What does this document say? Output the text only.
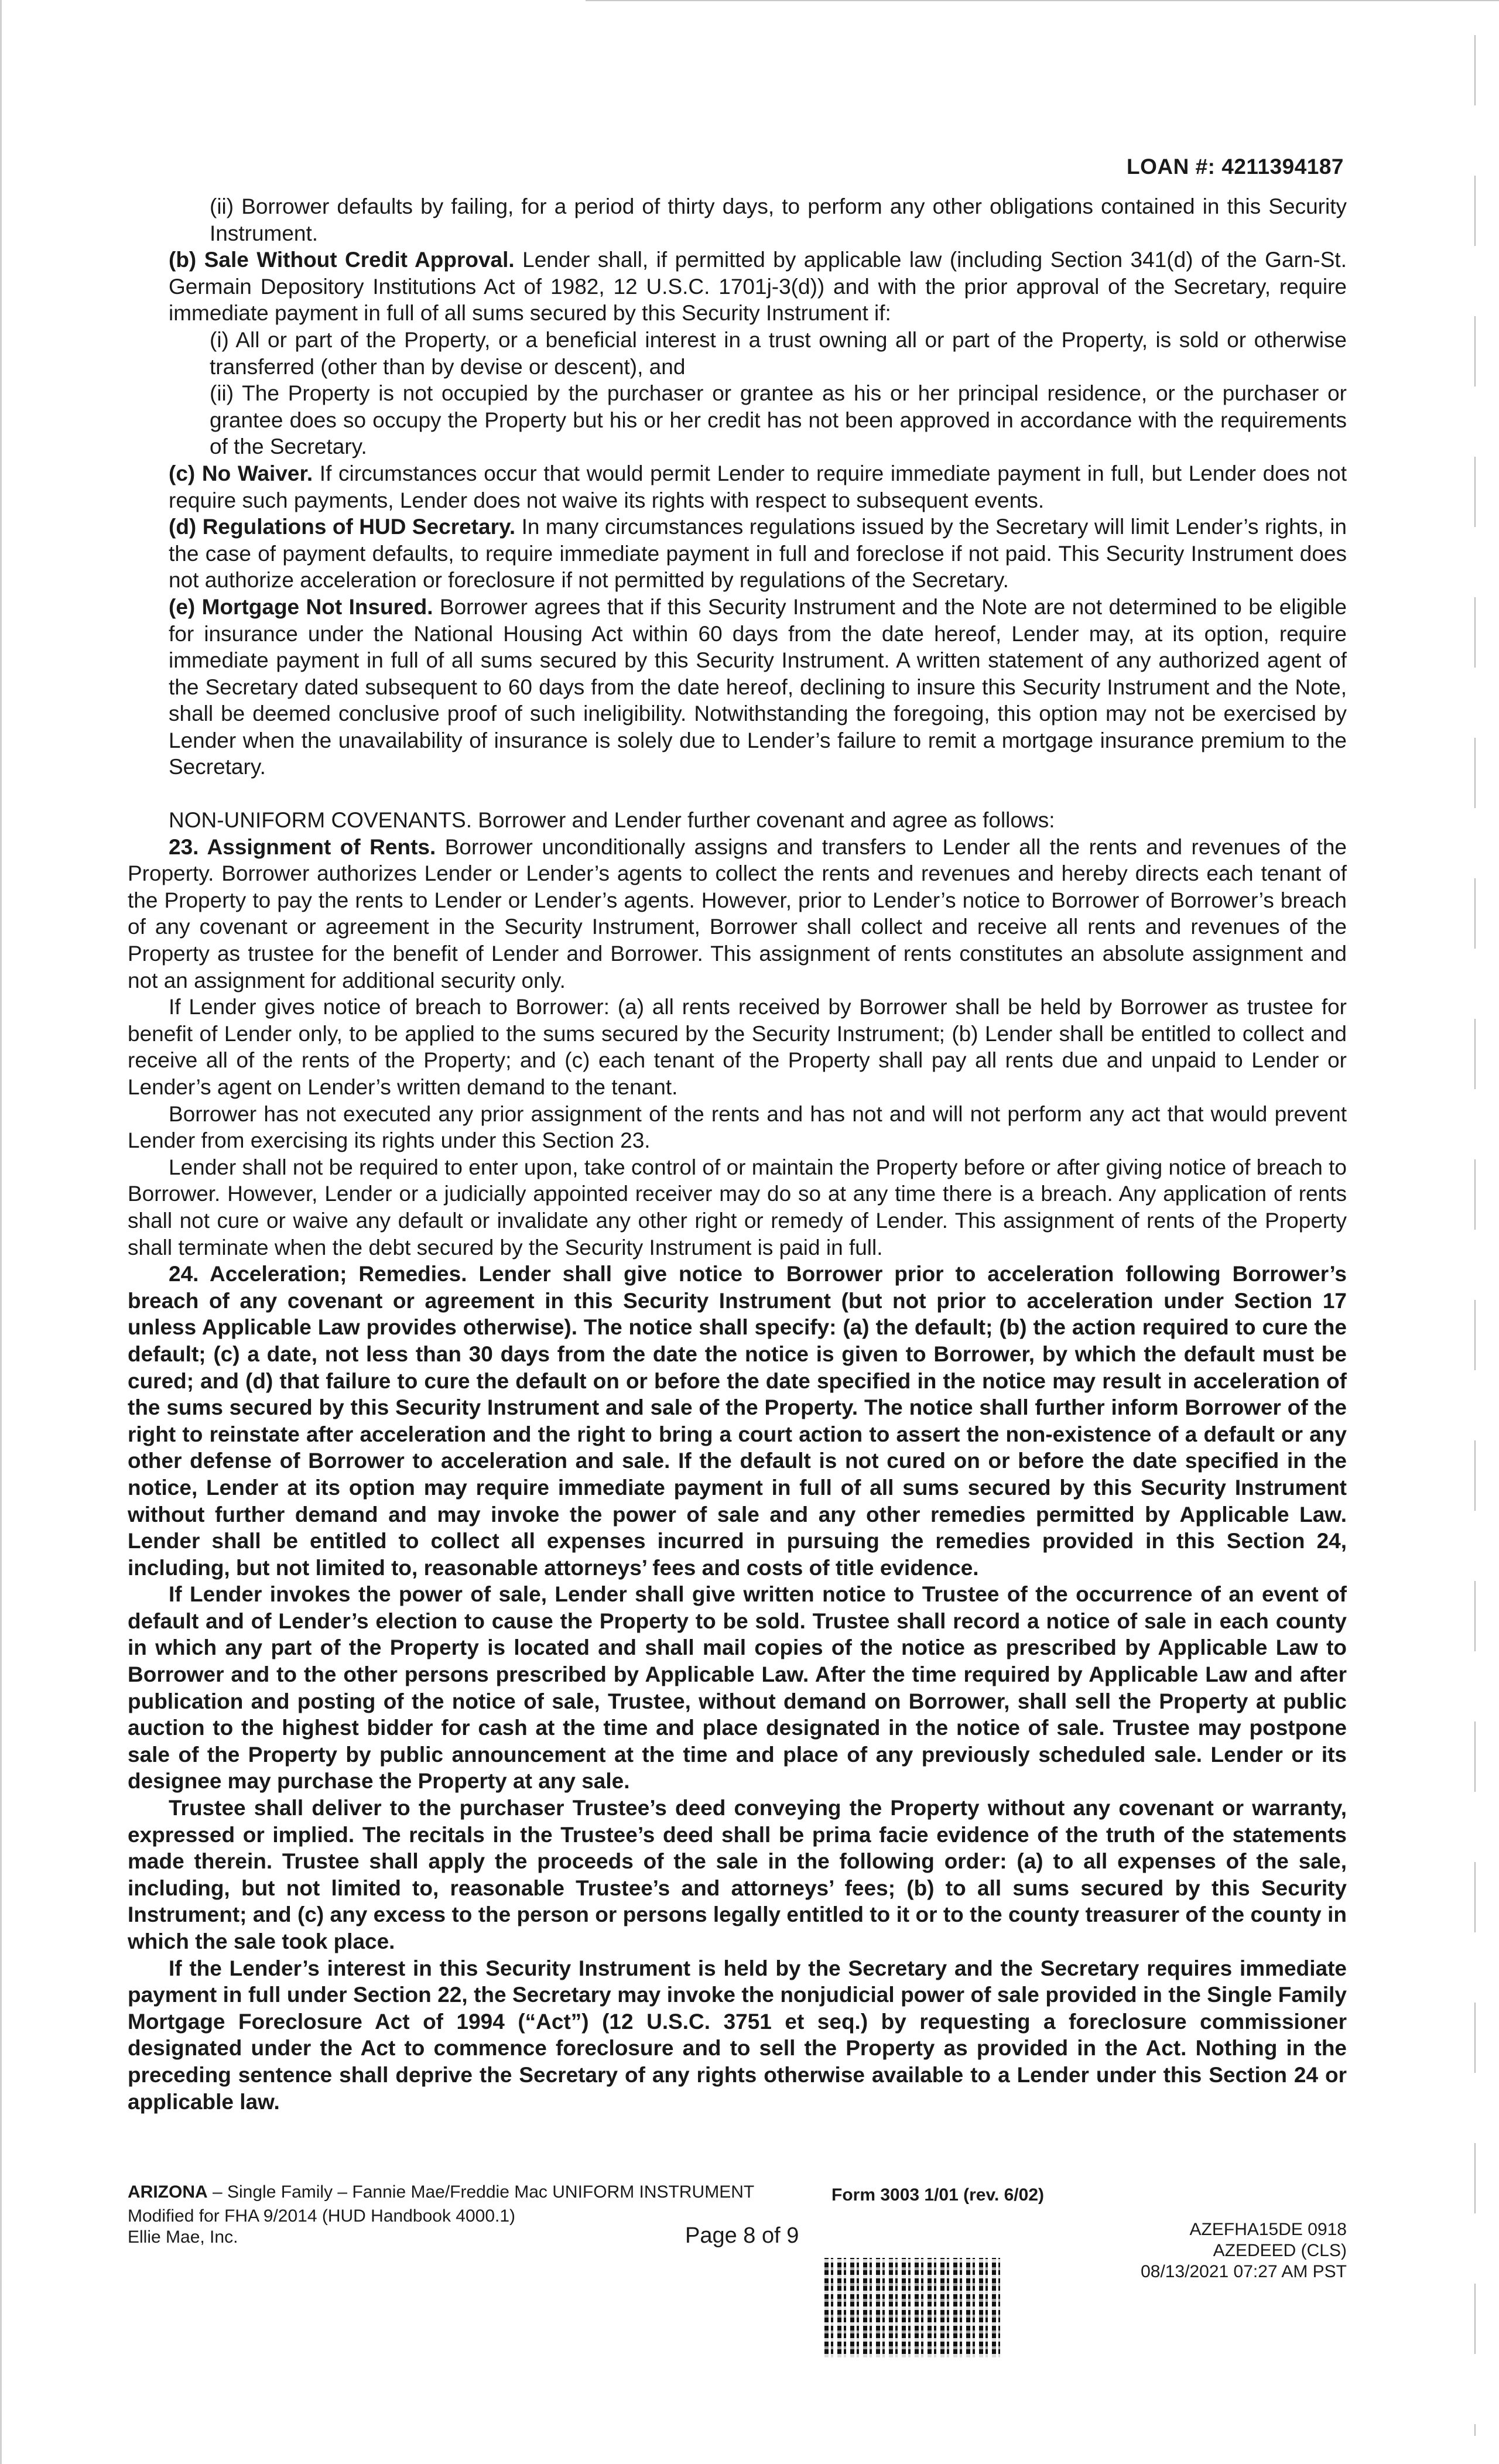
LOAN #: 4211394187

(ii) Borrower defaults by failing, for a period of thirty days, to perform any other obligations contained in this Security Instrument.

(b) Sale Without Credit Approval. Lender shall, if permitted by applicable law (including Section 341(d) of the Garn-St. Germain Depository Institutions Act of 1982, 12 U.S.C. 1701j-3(d)) and with the prior approval of the Secretary, require immediate payment in full of all sums secured by this Security Instrument if:

(i) All or part of the Property, or a beneficial interest in a trust owning all or part of the Property, is sold or otherwise transferred (other than by devise or descent), and

(ii) The Property is not occupied by the purchaser or grantee as his or her principal residence, or the purchaser or grantee does so occupy the Property but his or her credit has not been approved in accordance with the requirements of the Secretary.

(c) No Waiver. If circumstances occur that would permit Lender to require immediate payment in full, but Lender does not require such payments, Lender does not waive its rights with respect to subsequent events.

(d) Regulations of HUD Secretary. In many circumstances regulations issued by the Secretary will limit Lender’s rights, in the case of payment defaults, to require immediate payment in full and foreclose if not paid. This Security Instrument does not authorize acceleration or foreclosure if not permitted by regulations of the Secretary.

(e) Mortgage Not Insured. Borrower agrees that if this Security Instrument and the Note are not determined to be eligible for insurance under the National Housing Act within 60 days from the date hereof, Lender may, at its option, require immediate payment in full of all sums secured by this Security Instrument. A written statement of any authorized agent of the Secretary dated subsequent to 60 days from the date hereof, declining to insure this Security Instrument and the Note, shall be deemed conclusive proof of such ineligibility. Notwithstanding the foregoing, this option may not be exercised by Lender when the unavailability of insurance is solely due to Lender’s failure to remit a mortgage insurance premium to the Secretary.

NON-UNIFORM COVENANTS. Borrower and Lender further covenant and agree as follows:

23. Assignment of Rents. Borrower unconditionally assigns and transfers to Lender all the rents and revenues of the Property. Borrower authorizes Lender or Lender’s agents to collect the rents and revenues and hereby directs each tenant of the Property to pay the rents to Lender or Lender’s agents. However, prior to Lender’s notice to Borrower of Borrower’s breach of any covenant or agreement in the Security Instrument, Borrower shall collect and receive all rents and revenues of the Property as trustee for the benefit of Lender and Borrower. This assignment of rents constitutes an absolute assignment and not an assignment for additional security only.

If Lender gives notice of breach to Borrower: (a) all rents received by Borrower shall be held by Borrower as trustee for benefit of Lender only, to be applied to the sums secured by the Security Instrument; (b) Lender shall be entitled to collect and receive all of the rents of the Property; and (c) each tenant of the Property shall pay all rents due and unpaid to Lender or Lender’s agent on Lender’s written demand to the tenant.

Borrower has not executed any prior assignment of the rents and has not and will not perform any act that would prevent Lender from exercising its rights under this Section 23.

Lender shall not be required to enter upon, take control of or maintain the Property before or after giving notice of breach to Borrower. However, Lender or a judicially appointed receiver may do so at any time there is a breach. Any application of rents shall not cure or waive any default or invalidate any other right or remedy of Lender. This assignment of rents of the Property shall terminate when the debt secured by the Security Instrument is paid in full.

24. Acceleration; Remedies. Lender shall give notice to Borrower prior to acceleration following Borrower’s breach of any covenant or agreement in this Security Instrument (but not prior to acceleration under Section 17 unless Applicable Law provides otherwise). The notice shall specify: (a) the default; (b) the action required to cure the default; (c) a date, not less than 30 days from the date the notice is given to Borrower, by which the default must be cured; and (d) that failure to cure the default on or before the date specified in the notice may result in acceleration of the sums secured by this Security Instrument and sale of the Property. The notice shall further inform Borrower of the right to reinstate after acceleration and the right to bring a court action to assert the non-existence of a default or any other defense of Borrower to acceleration and sale. If the default is not cured on or before the date specified in the notice, Lender at its option may require immediate payment in full of all sums secured by this Security Instrument without further demand and may invoke the power of sale and any other remedies permitted by Applicable Law. Lender shall be entitled to collect all expenses incurred in pursuing the remedies provided in this Section 24, including, but not limited to, reasonable attorneys’ fees and costs of title evidence.

If Lender invokes the power of sale, Lender shall give written notice to Trustee of the occurrence of an event of default and of Lender’s election to cause the Property to be sold. Trustee shall record a notice of sale in each county in which any part of the Property is located and shall mail copies of the notice as prescribed by Applicable Law to Borrower and to the other persons prescribed by Applicable Law. After the time required by Applicable Law and after publication and posting of the notice of sale, Trustee, without demand on Borrower, shall sell the Property at public auction to the highest bidder for cash at the time and place designated in the notice of sale. Trustee may postpone sale of the Property by public announcement at the time and place of any previously scheduled sale. Lender or its designee may purchase the Property at any sale.

Trustee shall deliver to the purchaser Trustee’s deed conveying the Property without any covenant or warranty, expressed or implied. The recitals in the Trustee’s deed shall be prima facie evidence of the truth of the statements made therein. Trustee shall apply the proceeds of the sale in the following order: (a) to all expenses of the sale, including, but not limited to, reasonable Trustee’s and attorneys’ fees; (b) to all sums secured by this Security Instrument; and (c) any excess to the person or persons legally entitled to it or to the county treasurer of the county in which the sale took place.

If the Lender’s interest in this Security Instrument is held by the Secretary and the Secretary requires immediate payment in full under Section 22, the Secretary may invoke the nonjudicial power of sale provided in the Single Family Mortgage Foreclosure Act of 1994 (“Act”) (12 U.S.C. 3751 et seq.) by requesting a foreclosure commissioner designated under the Act to commence foreclosure and to sell the Property as provided in the Act. Nothing in the preceding sentence shall deprive the Secretary of any rights otherwise available to a Lender under this Section 24 or applicable law.

ARIZONA – Single Family – Fannie Mae/Freddie Mac UNIFORM INSTRUMENT	Form 3003 1/01 (rev. 6/02)

Modified for FHA 9/2014 (HUD Handbook 4000.1)

Ellie Mae, Inc.	Page 8 of 9	AZEFHA15DE 0918
AZEDEED (CLS)
08/13/2021 07:27 AM PST
